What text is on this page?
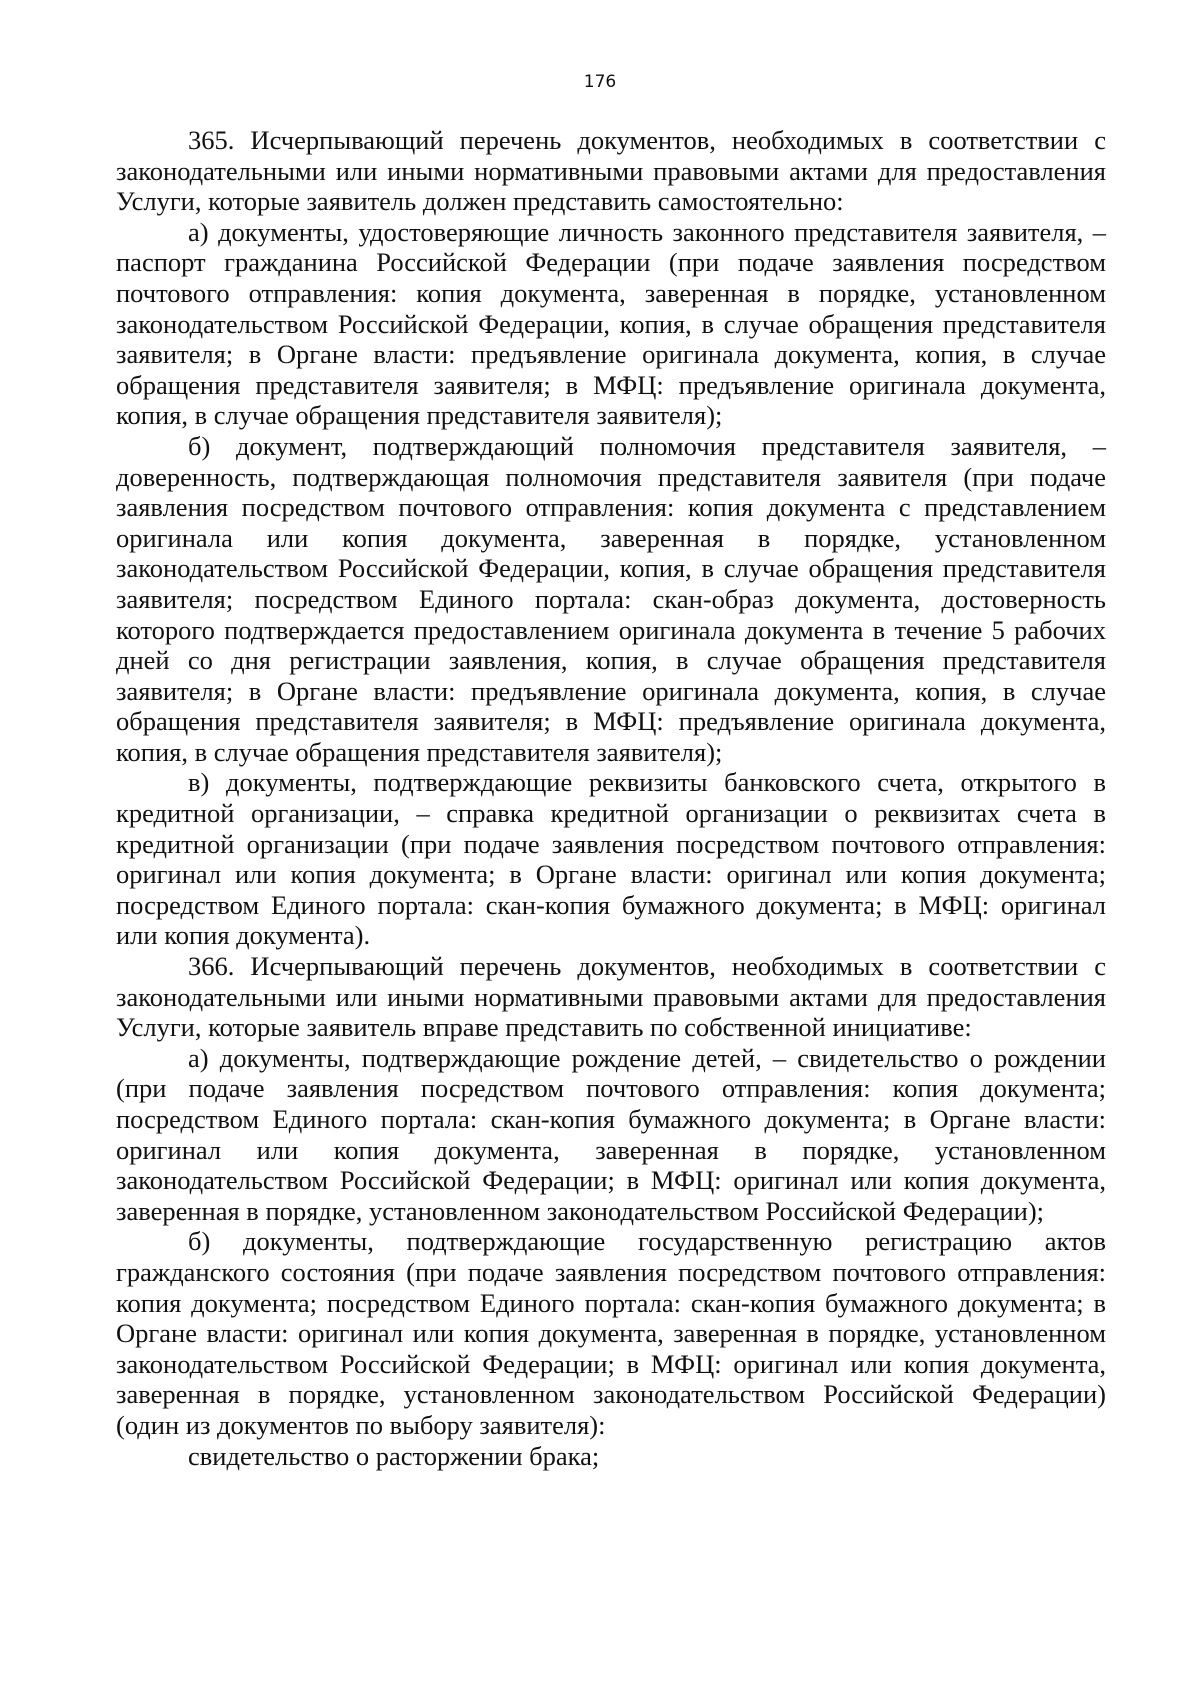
176

365. Исчерпывающий перечень документов, необходимых в соответствии с законодательными или иными нормативными правовыми актами для предоставления Услуги, которые заявитель должен представить самостоятельно:

а) документы, удостоверяющие личность законного представителя заявителя, – паспорт гражданина Российской Федерации (при подаче заявления посредством почтового отправления: копия документа, заверенная в порядке, установленном законодательством Российской Федерации, копия, в случае обращения представителя заявителя; в Органе власти: предъявление оригинала документа, копия, в случае обращения представителя заявителя; в МФЦ: предъявление оригинала документа, копия, в случае обращения представителя заявителя);

б) документ, подтверждающий полномочия представителя заявителя, – доверенность, подтверждающая полномочия представителя заявителя (при подаче заявления посредством почтового отправления: копия документа с представлением оригинала или копия документа, заверенная в порядке, установленном законодательством Российской Федерации, копия, в случае обращения представителя заявителя; посредством Единого портала: скан-образ документа, достоверность которого подтверждается предоставлением оригинала документа в течение 5 рабочих дней со дня регистрации заявления, копия, в случае обращения представителя заявителя; в Органе власти: предъявление оригинала документа, копия, в случае обращения представителя заявителя; в МФЦ: предъявление оригинала документа, копия, в случае обращения представителя заявителя);

в) документы, подтверждающие реквизиты банковского счета, открытого в кредитной организации, – справка кредитной организации о реквизитах счета в кредитной организации (при подаче заявления посредством почтового отправления: оригинал или копия документа; в Органе власти: оригинал или копия документа; посредством Единого портала: скан-копия бумажного документа; в МФЦ: оригинал или копия документа).

366. Исчерпывающий перечень документов, необходимых в соответствии с законодательными или иными нормативными правовыми актами для предоставления Услуги, которые заявитель вправе представить по собственной инициативе:

а) документы, подтверждающие рождение детей, – свидетельство о рождении (при подаче заявления посредством почтового отправления: копия документа; посредством Единого портала: скан-копия бумажного документа; в Органе власти: оригинал или копия документа, заверенная в порядке, установленном законодательством Российской Федерации; в МФЦ: оригинал или копия документа, заверенная в порядке, установленном законодательством Российской Федерации);

б) документы, подтверждающие государственную регистрацию актов гражданского состояния (при подаче заявления посредством почтового отправления: копия документа; посредством Единого портала: скан-копия бумажного документа; в Органе власти: оригинал или копия документа, заверенная в порядке, установленном законодательством Российской Федерации; в МФЦ: оригинал или копия документа, заверенная в порядке, установленном законодательством Российской Федерации) (один из документов по выбору заявителя):

свидетельство о расторжении брака;
